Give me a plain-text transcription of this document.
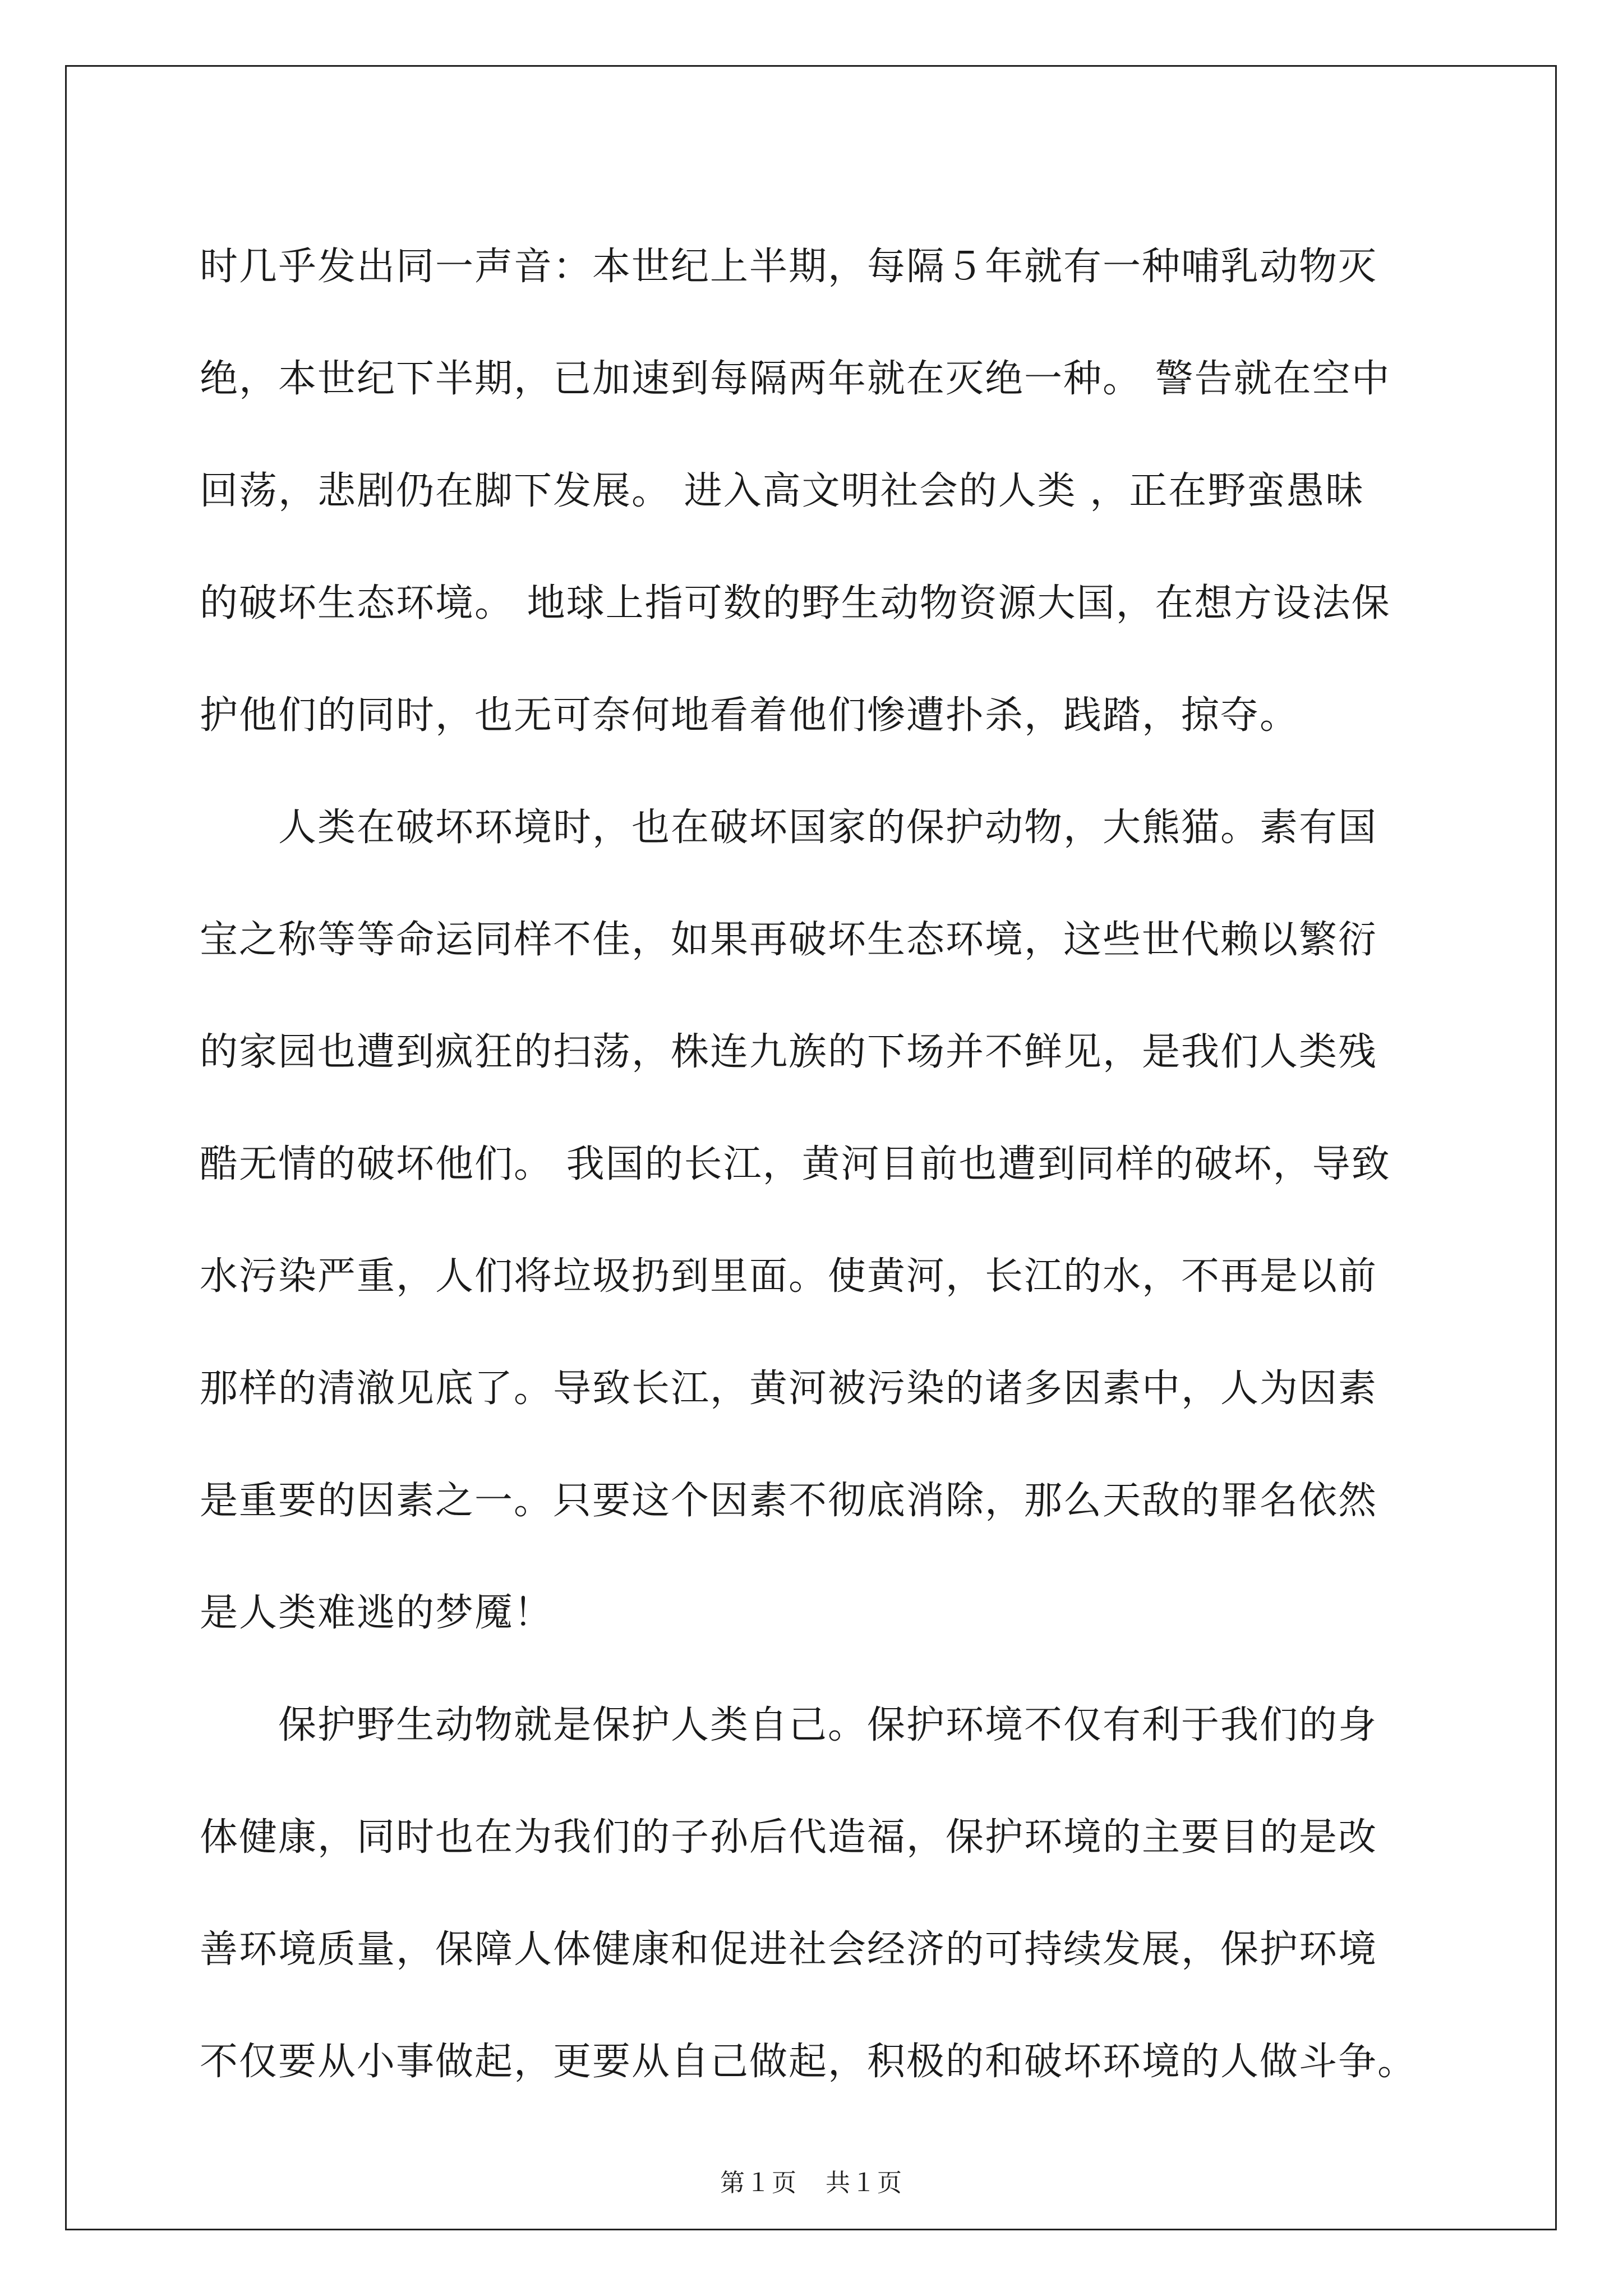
时几乎发出同一声音：本世纪上半期，每隔５年就有一种哺乳动物灭
绝，本世纪下半期，已加速到每隔两年就在灭绝一种。 警告就在空中
回荡，悲剧仍在脚下发展。 进入高文明社会的人类 ，正在野蛮愚昧
的破坏生态环境。 地球上指可数的野生动物资源大国，在想方设法保
护他们的同时，也无可奈何地看着他们惨遭扑杀，践踏，掠夺。
　　人类在破坏环境时，也在破坏国家的保护动物，大熊猫。素有国
宝之称等等命运同样不佳，如果再破坏生态环境，这些世代赖以繁衍
的家园也遭到疯狂的扫荡，株连九族的下场并不鲜见，是我们人类残
酷无情的破坏他们。 我国的长江，黄河目前也遭到同样的破坏，导致
水污染严重，人们将垃圾扔到里面。使黄河，长江的水，不再是以前
那样的清澈见底了。导致长江，黄河被污染的诸多因素中，人为因素
是重要的因素之一。只要这个因素不彻底消除，那么天敌的罪名依然
是人类难逃的梦魇！
　　保护野生动物就是保护人类自己。保护环境不仅有利于我们的身
体健康，同时也在为我们的子孙后代造福，保护环境的主要目的是改
善环境质量，保障人体健康和促进社会经济的可持续发展，保护环境
不仅要从小事做起，更要从自己做起，积极的和破坏环境的人做斗争。
第１页 共１页
